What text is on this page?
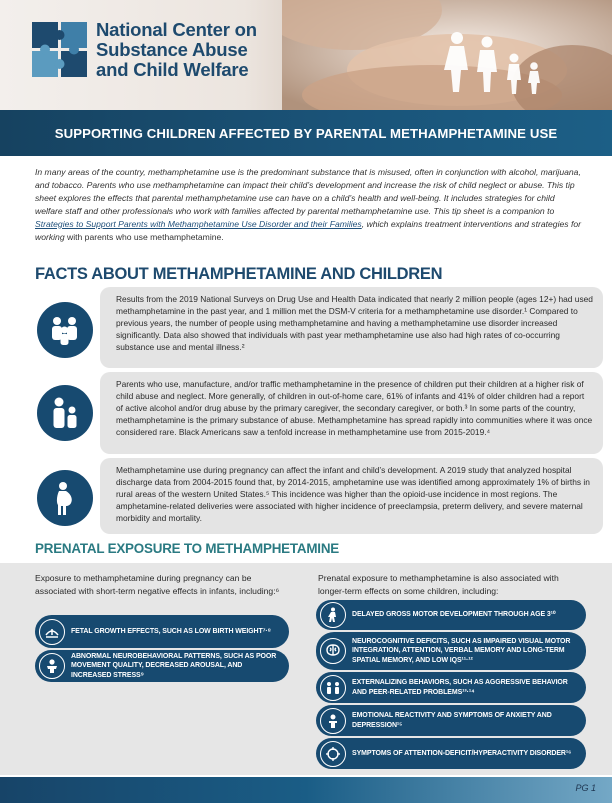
National Center on
Substance Abuse
and Child Welfare
SUPPORTING CHILDREN AFFECTED BY PARENTAL METHAMPHETAMINE USE

In many areas of the country, methamphetamine use is the predominant substance that is misused, often in conjunction with alcohol, marijuana, and tobacco. Parents who use methamphetamine can impact their child’s development and increase the risk of child neglect or abuse. This tip sheet explores the effects that parental methamphetamine use can have on a child’s health and well-being. It includes strategies for child welfare staff and other professionals who work with families affected by parental methamphetamine use. This tip sheet is a companion to Strategies to Support Parents with Methamphetamine Use Disorder and their Families, which explains treatment interventions and strategies for working with parents who use methamphetamine.

FACTS ABOUT METHAMPHETAMINE AND CHILDREN

Results from the 2019 National Surveys on Drug Use and Health Data indicated that nearly 2 million people (ages 12+) had used methamphetamine in the past year, and 1 million met the DSM-V criteria for a methamphetamine use disorder.¹ Compared to previous years, the number of people using methamphetamine and having a methamphetamine use disorder increased significantly. Data also showed that individuals with past year methamphetamine use also had high rates of co-occurring substance use and mental illness.²

Parents who use, manufacture, and/or traffic methamphetamine in the presence of children put their children at a higher risk of child abuse and neglect. More generally, of children in out-of-home care, 61% of infants and 41% of older children had a report of active alcohol and/or drug abuse by the primary caregiver, the secondary caregiver, or both.³ In some parts of the country, methamphetamine is the primary substance of abuse. Methamphetamine has spread rapidly into communities where it was once considered rare. Black Americans saw a tenfold increase in methamphetamine use from 2015-2019.⁴

Methamphetamine use during pregnancy can affect the infant and child’s development. A 2019 study that analyzed hospital discharge data from 2004-2015 found that, by 2014-2015, amphetamine use was identified among approximately 1% of births in rural areas of the western United States.⁵ This incidence was higher than the opioid-use incidence in most regions. The amphetamine-related deliveries were associated with higher incidence of preeclampsia, preterm delivery, and severe maternal morbidity and mortality.

PRENATAL EXPOSURE TO METHAMPHETAMINE

Exposure to methamphetamine during pregnancy can be associated with short-term negative effects in infants, including:⁶

Prenatal exposure to methamphetamine is also associated with longer-term effects on some children, including:

FETAL GROWTH EFFECTS, SUCH AS LOW BIRTH WEIGHT⁷·⁸
ABNORMAL NEUROBEHAVIORAL PATTERNS, SUCH AS POOR MOVEMENT QUALITY, DECREASED AROUSAL, AND INCREASED STRESS⁹
DELAYED GROSS MOTOR DEVELOPMENT THROUGH AGE 3¹⁰
NEUROCOGNITIVE DEFICITS, SUCH AS IMPAIRED VISUAL MOTOR INTEGRATION, ATTENTION, VERBAL MEMORY AND LONG-TERM SPATIAL MEMORY, AND LOW IQS¹¹·¹²
EXTERNALIZING BEHAVIORS, SUCH AS AGGRESSIVE BEHAVIOR AND PEER-RELATED PROBLEMS¹³·¹⁴
EMOTIONAL REACTIVITY AND SYMPTOMS OF ANXIETY AND DEPRESSION¹⁵
SYMPTOMS OF ATTENTION-DEFICIT/HYPERACTIVITY DISORDER¹⁶
PG 1
